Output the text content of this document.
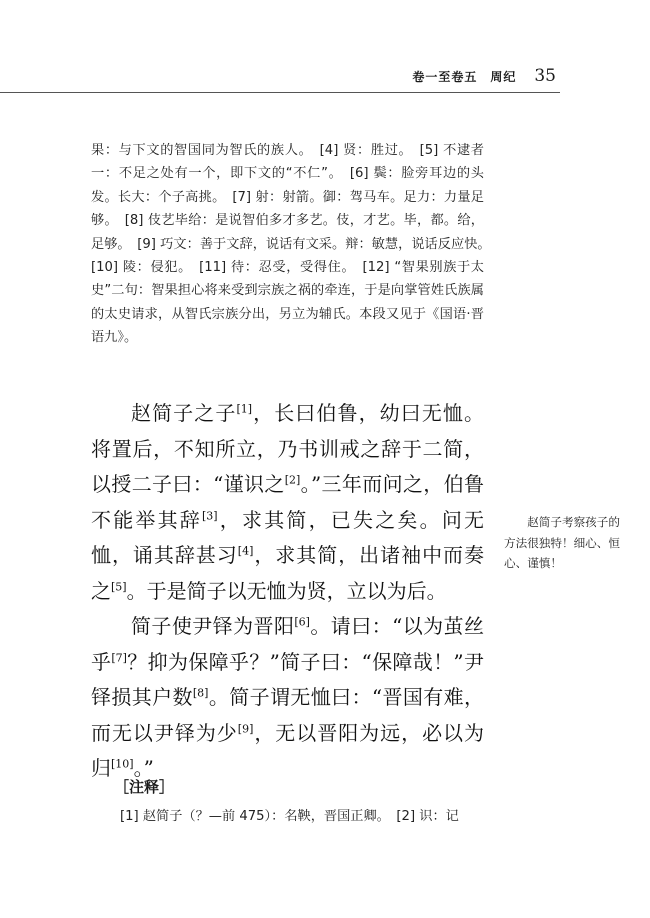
卷一至卷五　周纪 35

果：与下文的智国同为智氏的族人。　[4] 贤：胜过。　[5] 不逮者一：不足之处有一个，即下文的“不仁”。　[6] 鬓：脸旁耳边的头发。长大：个子高挑。　[7] 射：射箭。御：驾马车。足力：力量足够。　[8] 伎艺毕给：是说智伯多才多艺。伎，才艺。毕，都。给，足够。　[9] 巧文：善于文辞，说话有文采。辩：敏慧，说话反应快。　[10] 陵：侵犯。　[11] 待：忍受，受得住。　[12] “智果别族于太史”二句：智果担心将来受到宗族之祸的牵连，于是向掌管姓氏族属的太史请求，从智氏宗族分出，另立为辅氏。本段又见于《国语·晋语九》。

赵简子之子[1]，长曰伯鲁，幼曰无恤。将置后，不知所立，乃书训戒之辞于二简，以授二子曰：“谨识之[2]。”三年而问之，伯鲁不能举其辞[3]，求其简，已失之矣。问无恤，诵其辞甚习[4]，求其简，出诸袖中而奏之[5]。于是简子以无恤为贤，立以为后。

简子使尹铎为晋阳[6]。请曰：“以为茧丝乎[7]？抑为保障乎？”简子曰：“保障哉！”尹铎损其户数[8]。简子谓无恤曰：“晋国有难，而无以尹铎为少[9]，无以晋阳为远，必以为归[10]。”

赵简子考察孩子的方法很独特！细心、恒心、谨慎！
［注释］
[1] 赵简子（？—前 475）：名鞅，晋国正卿。　[2] 识：记
